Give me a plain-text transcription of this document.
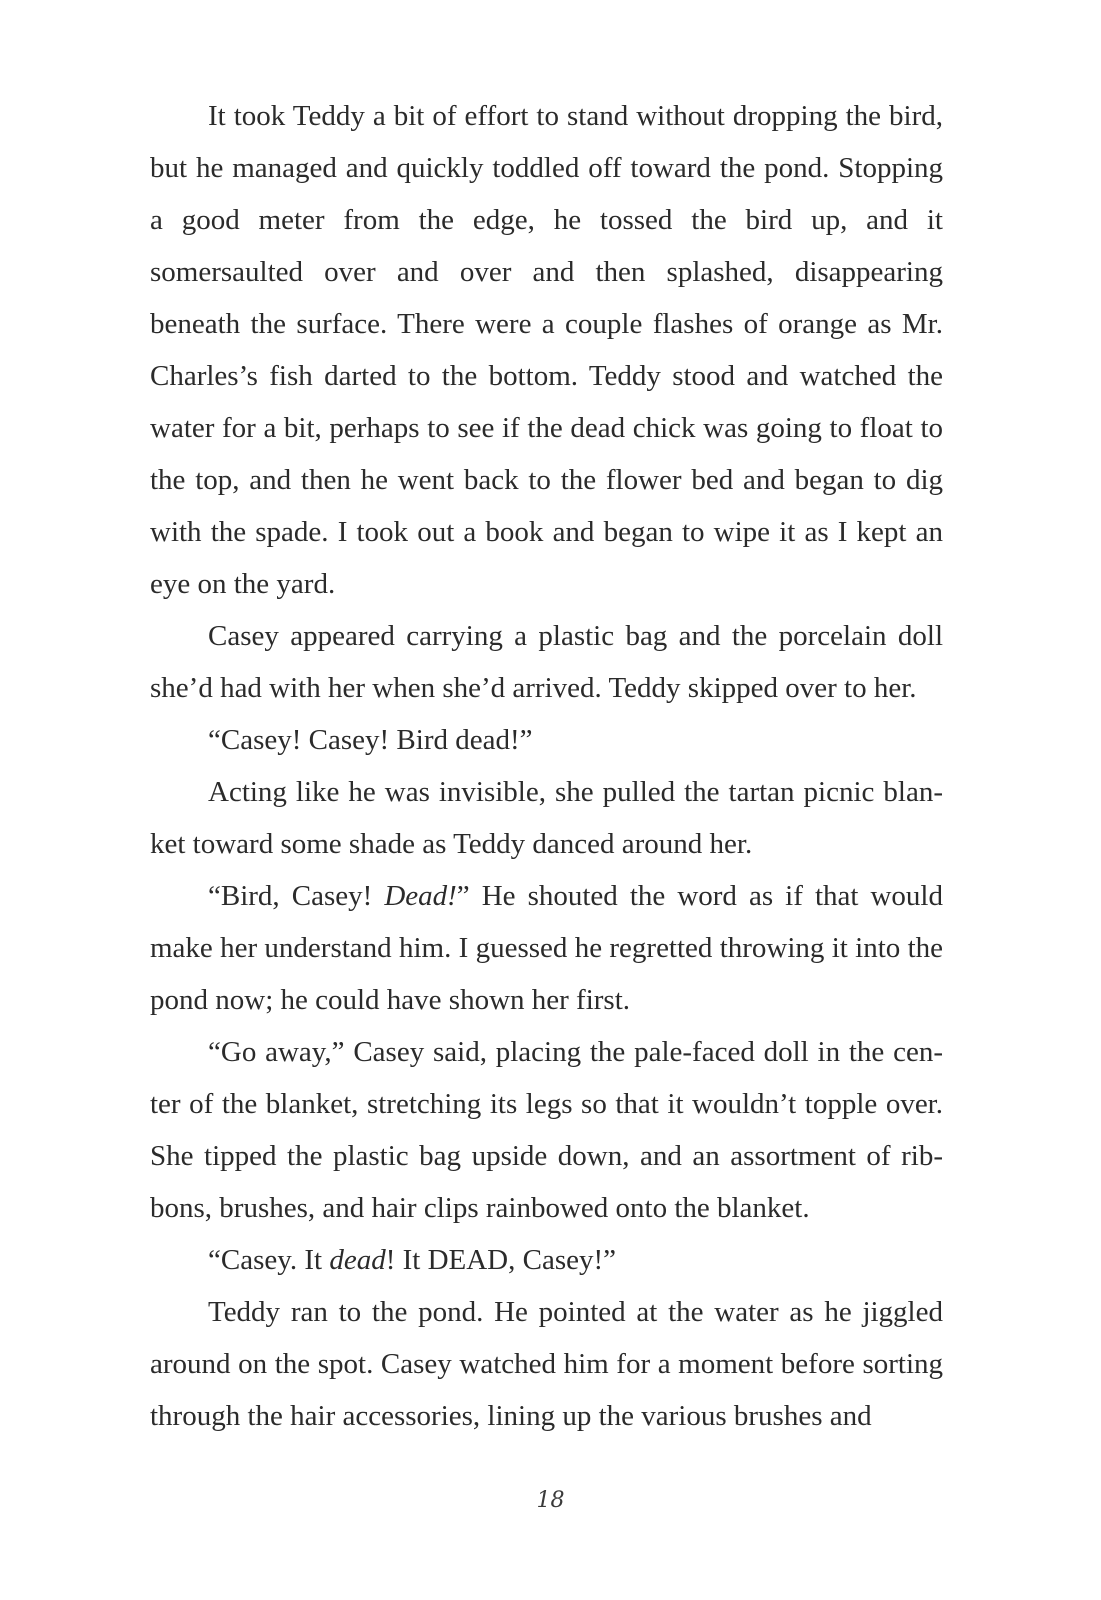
It took Teddy a bit of effort to stand without dropping the bird, but he managed and quickly toddled off toward the pond. Stopping a good meter from the edge, he tossed the bird up, and it somersaulted over and over and then splashed, disappearing beneath the surface. There were a couple flashes of orange as Mr. Charles’s fish darted to the bottom. Teddy stood and watched the water for a bit, perhaps to see if the dead chick was going to float to the top, and then he went back to the flower bed and began to dig with the spade. I took out a book and began to wipe it as I kept an eye on the yard.

Casey appeared carrying a plastic bag and the porcelain doll she’d had with her when she’d arrived. Teddy skipped over to her.

“Casey! Casey! Bird dead!”

Acting like he was invisible, she pulled the tartan picnic blanket toward some shade as Teddy danced around her.

“Bird, Casey! Dead!” He shouted the word as if that would make her understand him. I guessed he regretted throwing it into the pond now; he could have shown her first.

“Go away,” Casey said, placing the pale-faced doll in the center of the blanket, stretching its legs so that it wouldn’t topple over. She tipped the plastic bag upside down, and an assortment of ribbons, brushes, and hair clips rainbowed onto the blanket.

“Casey. It dead! It DEAD, Casey!”

Teddy ran to the pond. He pointed at the water as he jiggled around on the spot. Casey watched him for a moment before sorting through the hair accessories, lining up the various brushes and

18
